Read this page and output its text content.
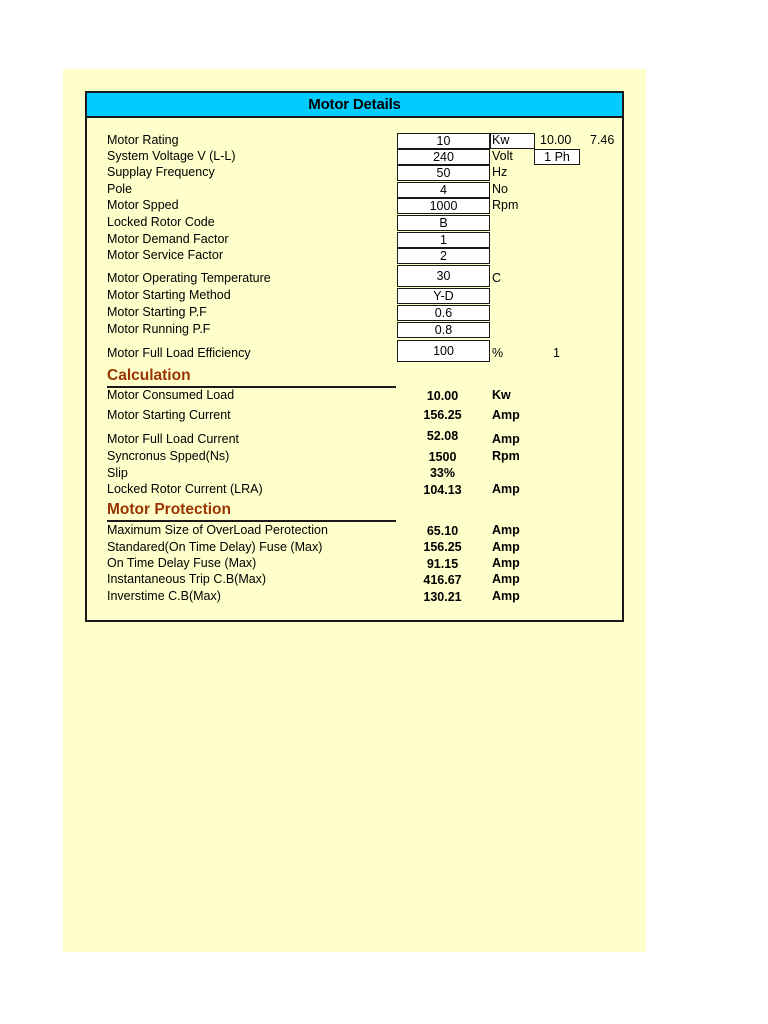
Motor Details
Motor Rating	10	Kw 10.00 7.46
System Voltage V (L-L)	240	Volt	1 Ph
Supplay Frequency	50	Hz
Pole	4	No
Motor Spped	1000	Rpm
Locked Rotor Code	B
Motor Demand Factor	1
Motor Service Factor	2
Motor Operating Temperature	30	C
Motor Starting Method	Y-D
Motor Starting P.F	0.6
Motor Running P.F	0.8
Motor Full Load Efficiency	100	%	1
Calculation
Motor Consumed Load	10.00	Kw
Motor Starting Current	156.25	Amp
Motor Full Load Current	52.08	Amp
Syncronus Spped(Ns)	1500	Rpm
Slip	33%
Locked Rotor Current (LRA)	104.13	Amp
Motor Protection
Maximum Size of OverLoad Perotection	65.10	Amp
Standared(On Time Delay) Fuse (Max)	156.25	Amp
On Time Delay Fuse (Max)	91.15	Amp
Instantaneous Trip C.B(Max)	416.67	Amp
Inverstime C.B(Max)	130.21	Amp
